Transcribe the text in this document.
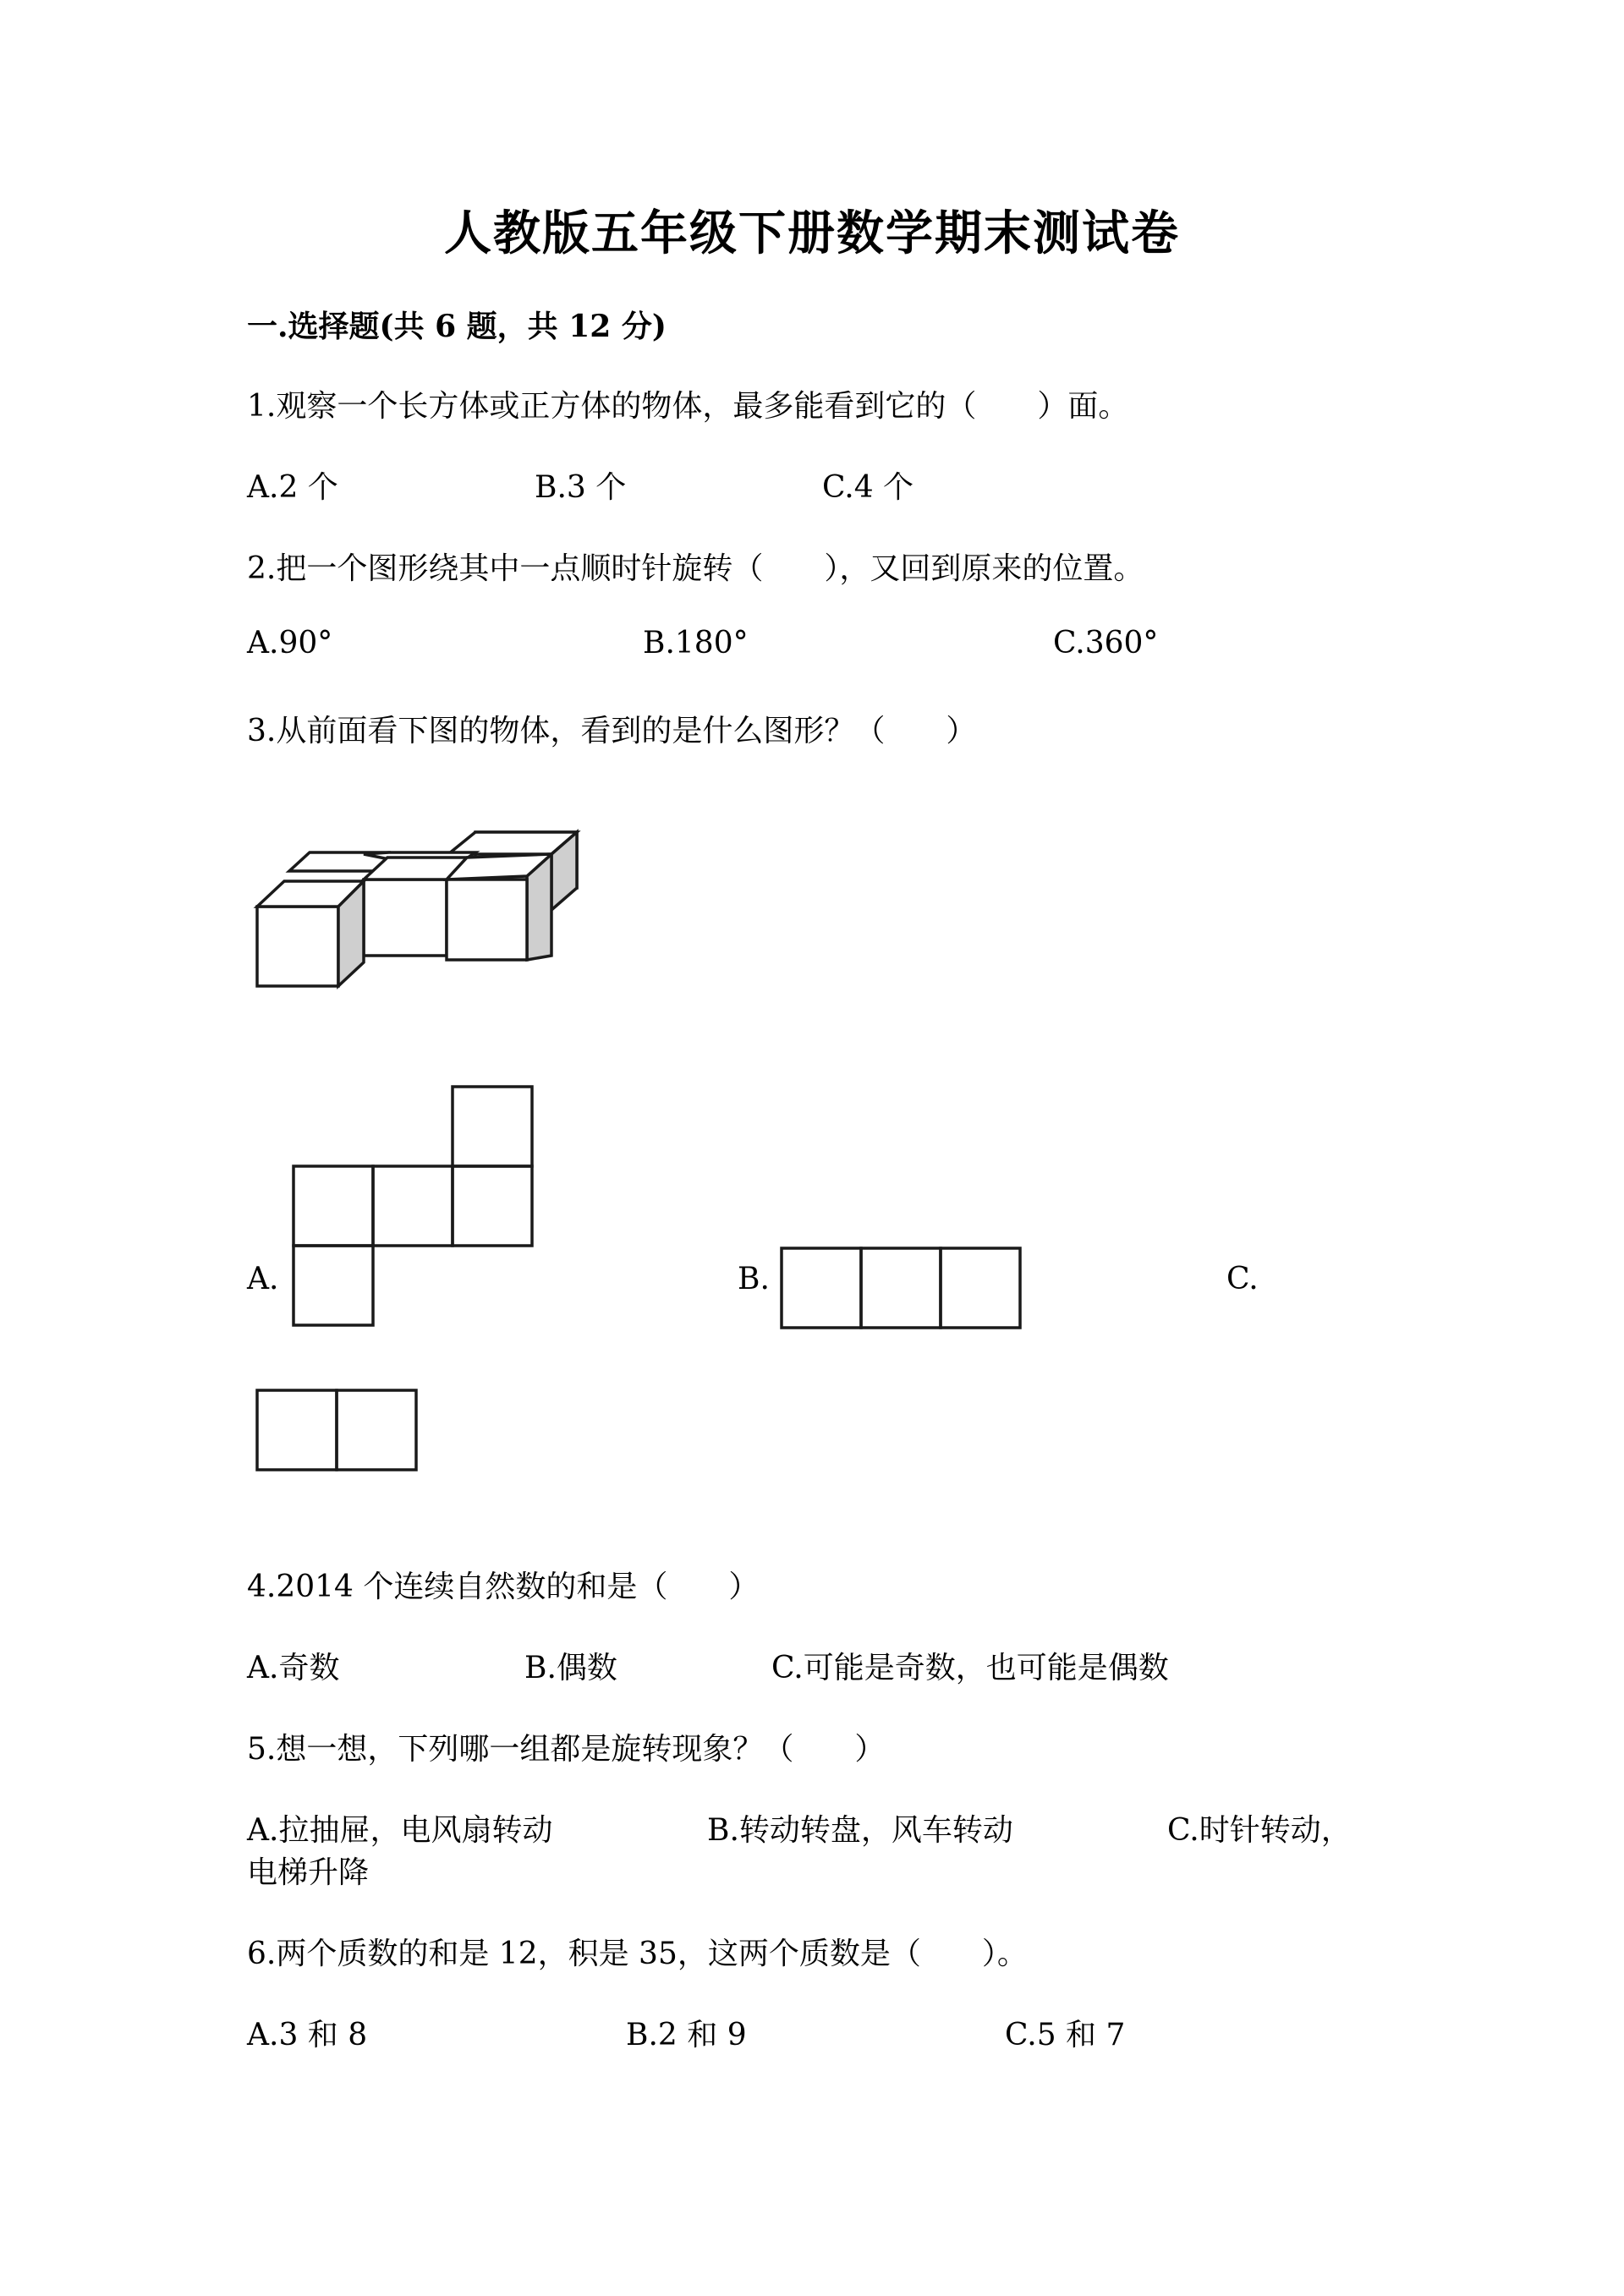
人教版五年级下册数学期末测试卷
一.选择题(共 6 题，共 12 分)
1.观察一个长方体或正方体的物体，最多能看到它的（　　）面。
A.2 个	B.3 个	C.4 个
2.把一个图形绕其中一点顺时针旋转（　　），又回到原来的位置。
A.90°	B.180°	C.360°
3.从前面看下图的物体，看到的是什么图形？（　　）
A.	B.	C.
4.2014 个连续自然数的和是（　　）
A.奇数	B.偶数	C.可能是奇数，也可能是偶数
5.想一想，下列哪一组都是旋转现象？（　　）
A.拉抽屉，电风扇转动	B.转动转盘，风车转动	C.时针转动，
电梯升降
6.两个质数的和是 12，积是 35，这两个质数是（　　）。
A.3 和 8	B.2 和 9	C.5 和 7
